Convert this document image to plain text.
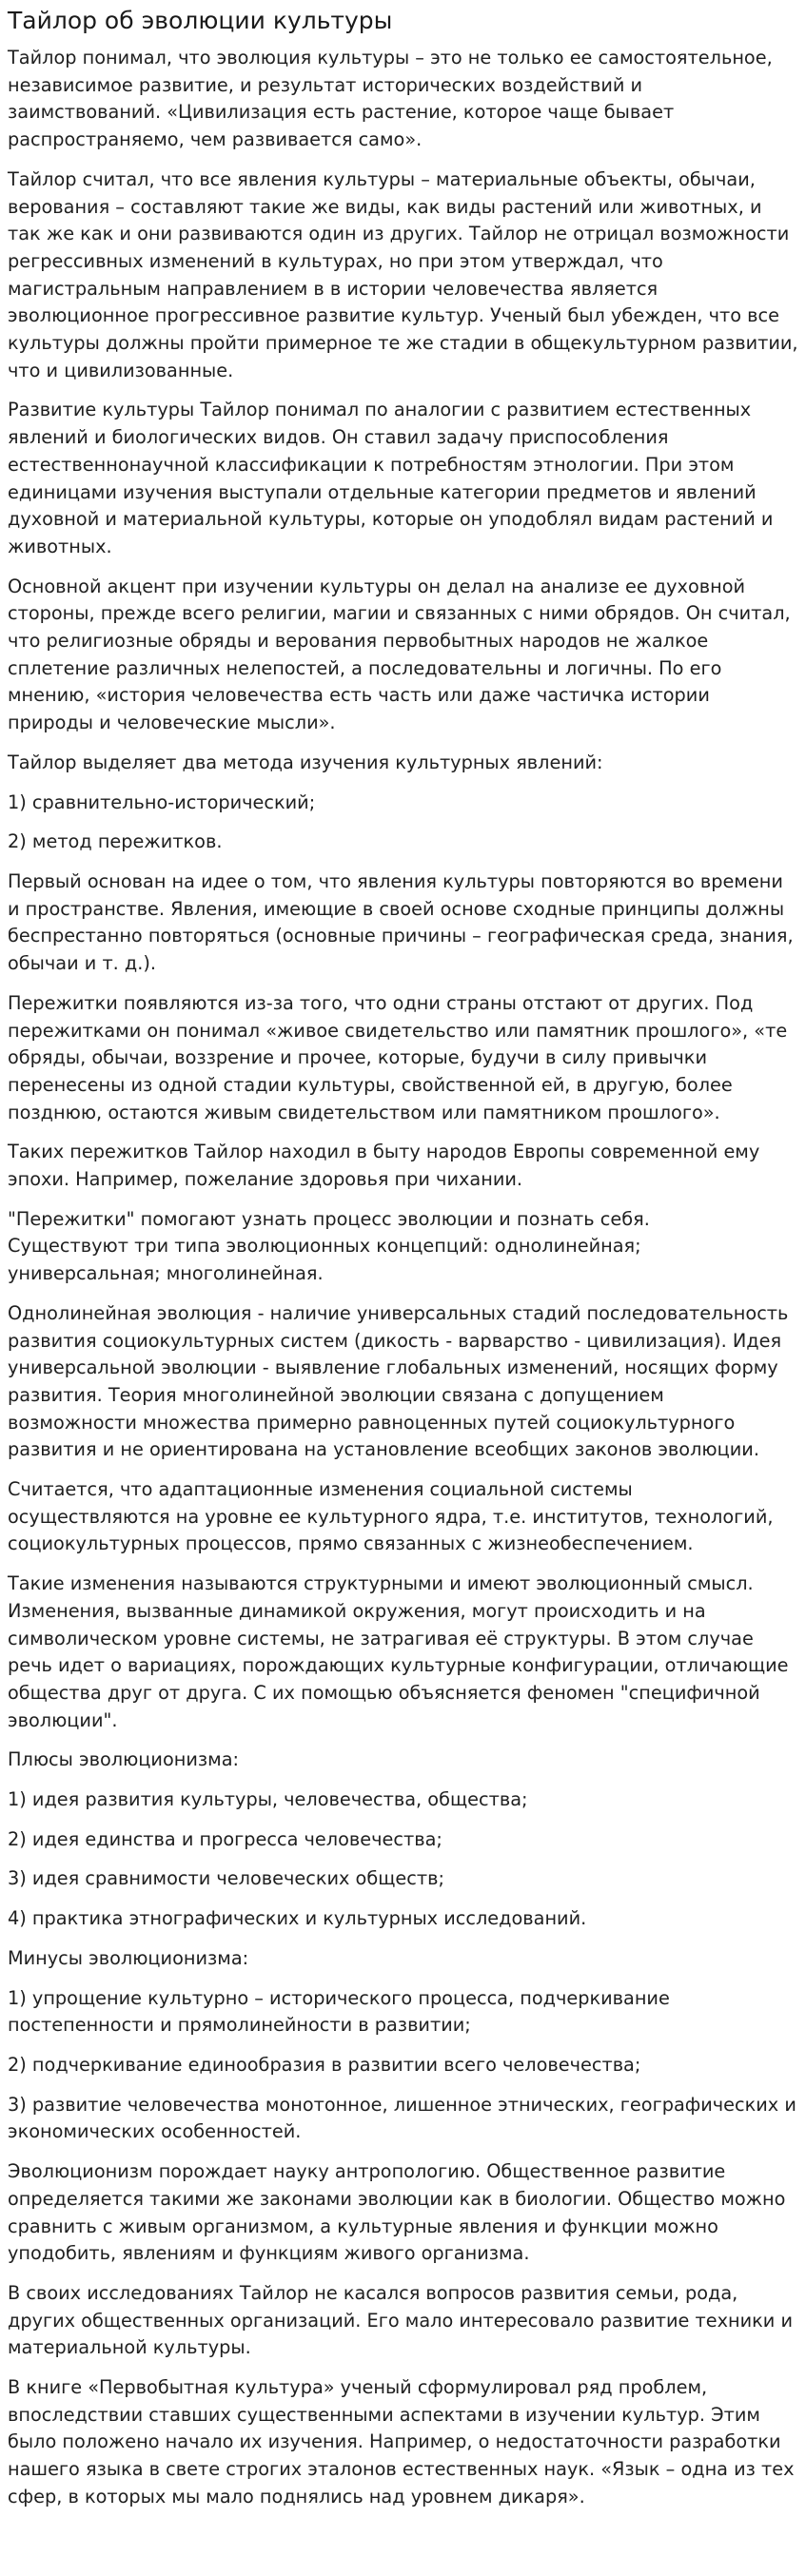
Тайлор об эволюции культуры

Тайлор понимал, что эволюция культуры – это не только ее самостоятельное, независимое развитие, и результат исторических воздействий и заимствований. «Цивилизация есть растение, которое чаще бывает распространяемо, чем развивается само».

Тайлор считал, что все явления культуры – материальные объекты, обычаи, верования – составляют такие же виды, как виды растений или животных, и так же как и они развиваются один из других. Тайлор не отрицал возможности регрессивных изменений в культурах, но при этом утверждал, что магистральным направлением в в истории человечества является эволюционное прогрессивное развитие культур. Ученый был убежден, что все культуры должны пройти примерное те же стадии в общекультурном развитии, что и цивилизованные.

Развитие культуры Тайлор понимал по аналогии с развитием естественных явлений и биологических видов. Он ставил задачу приспособления естественнонаучной классификации к потребностям этнологии. При этом единицами изучения выступали отдельные категории предметов и явлений духовной и материальной культуры, которые он уподоблял видам растений и животных.

Основной акцент при изучении культуры он делал на анализе ее духовной стороны, прежде всего религии, магии и связанных с ними обрядов. Он считал, что религиозные обряды и верования первобытных народов не жалкое сплетение различных нелепостей, а последовательны и логичны. По его мнению, «история человечества есть часть или даже частичка истории природы и человеческие мысли».

Тайлор выделяет два метода изучения культурных явлений:

1) сравнительно-исторический;

2) метод пережитков.

Первый основан на идее о том, что явления культуры повторяются во времени и пространстве. Явления, имеющие в своей основе сходные принципы должны беспрестанно повторяться (основные причины – географическая среда, знания, обычаи и т. д.).

Пережитки появляются из-за того, что одни страны отстают от других. Под пережитками он понимал «живое свидетельство или памятник прошлого», «те обряды, обычаи, воззрение и прочее, которые, будучи в силу привычки перенесены из одной стадии культуры, свойственной ей, в другую, более позднюю, остаются живым свидетельством или памятником прошлого».

Таких пережитков Тайлор находил в быту народов Европы современной ему эпохи. Например, пожелание здоровья при чихании.

"Пережитки" помогают узнать процесс эволюции и познать себя.
Существуют три типа эволюционных концепций: однолинейная; универсальная; многолинейная.

Однолинейная эволюция - наличие универсальных стадий последовательность развития социокультурных систем (дикость - варварство - цивилизация). Идея универсальной эволюции - выявление глобальных изменений, носящих форму развития. Теория многолинейной эволюции связана с допущением возможности множества примерно равноценных путей социокультурного развития и не ориентирована на установление всеобщих законов эволюции.

Считается, что адаптационные изменения социальной системы осуществляются на уровне ее культурного ядра, т.е. институтов, технологий, социокультурных процессов, прямо связанных с жизнеобеспечением.

Такие изменения называются структурными и имеют эволюционный смысл. Изменения, вызванные динамикой окружения, могут происходить и на символическом уровне системы, не затрагивая её структуры. В этом случае речь идет о вариациях, порождающих культурные конфигурации, отличающие общества друг от друга. С их помощью объясняется феномен "специфичной эволюции".

Плюсы эволюционизма:

1) идея развития культуры, человечества, общества;

2) идея единства и прогресса человечества;

3) идея сравнимости человеческих обществ;

4) практика этнографических и культурных исследований.

Минусы эволюционизма:

1) упрощение культурно – исторического процесса, подчеркивание постепенности и прямолинейности в развитии;

2) подчеркивание единообразия в развитии всего человечества;

3) развитие человечества монотонное, лишенное этнических, географических и экономических особенностей.

Эволюционизм порождает науку антропологию. Общественное развитие определяется такими же законами эволюции как в биологии. Общество можно сравнить с живым организмом, а культурные явления и функции можно уподобить, явлениям и функциям живого организма.

В своих исследованиях Тайлор не касался вопросов развития семьи, рода, других общественных организаций. Его мало интересовало развитие техники и материальной культуры.

В книге «Первобытная культура» ученый сформулировал ряд проблем, впоследствии ставших существенными аспектами в изучении культур. Этим было положено начало их изучения. Например, о недостаточности разработки нашего языка в свете строгих эталонов естественных наук. «Язык – одна из тех сфер, в которых мы мало поднялись над уровнем дикаря».
